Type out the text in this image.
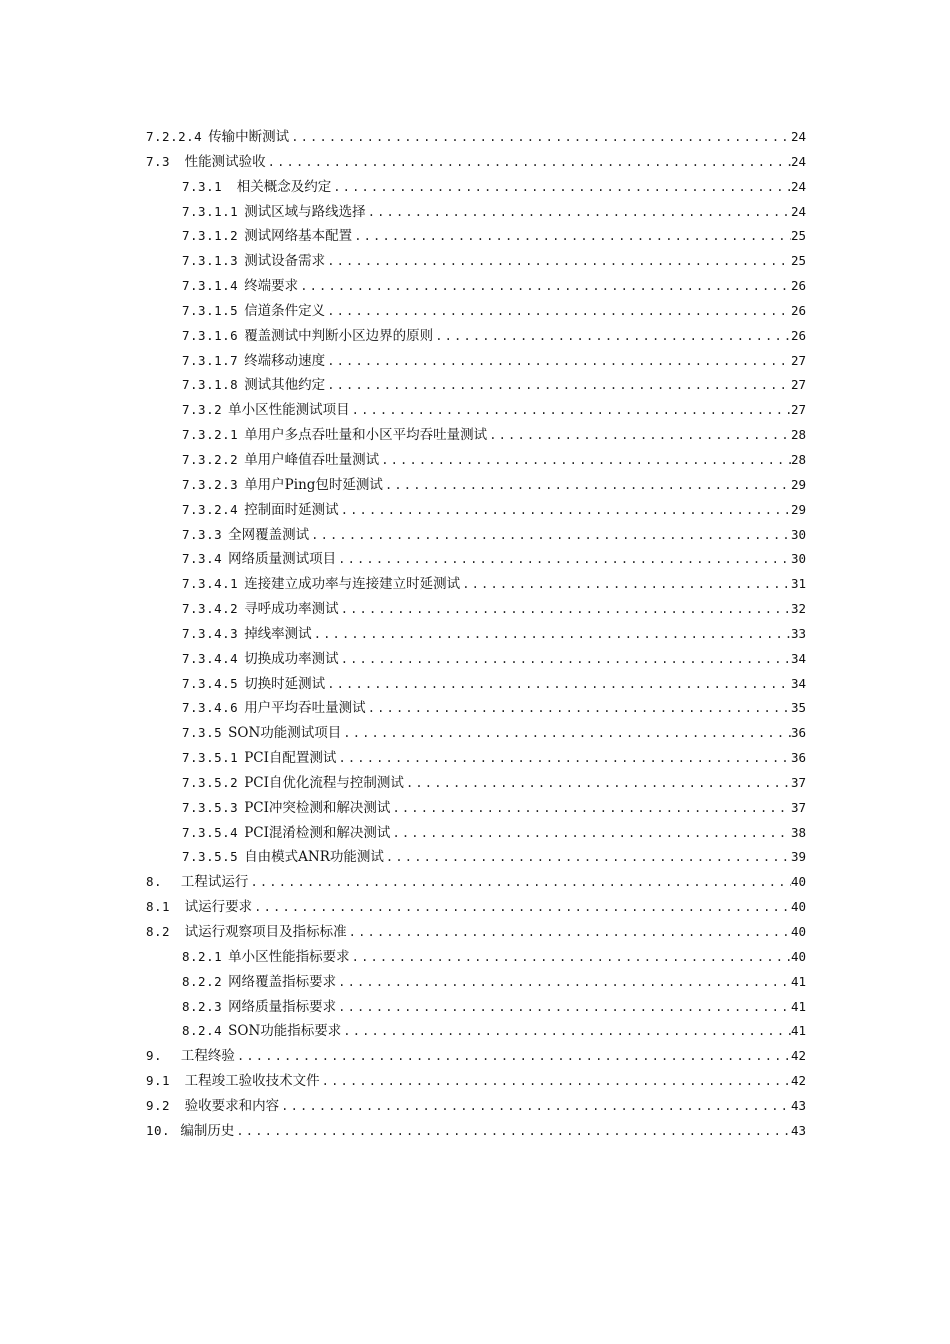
7.2.2.4 传输中断测试 .....	24
7.3 性能测试验收 .....	24
7.3.1 相关概念及约定 .....	24
7.3.1.1 测试区域与路线选择 .....	24
7.3.1.2 测试网络基本配置 .....	25
7.3.1.3 测试设备需求 .....	25
7.3.1.4 终端要求 .....	26
7.3.1.5 信道条件定义 .....	26
7.3.1.6 覆盖测试中判断小区边界的原则 .....	26
7.3.1.7 终端移动速度 .....	27
7.3.1.8 测试其他约定 .....	27
7.3.2 单小区性能测试项目 .....	27
7.3.2.1 单用户多点吞吐量和小区平均吞吐量测试 .....	28
7.3.2.2 单用户峰值吞吐量测试 .....	28
7.3.2.3 单用户Ping包时延测试 .....	29
7.3.2.4 控制面时延测试 .....	29
7.3.3 全网覆盖测试 .....	30
7.3.4 网络质量测试项目 .....	30
7.3.4.1 连接建立成功率与连接建立时延测试 .....	31
7.3.4.2 寻呼成功率测试 .....	32
7.3.4.3 掉线率测试 .....	33
7.3.4.4 切换成功率测试 .....	34
7.3.4.5 切换时延测试 .....	34
7.3.4.6 用户平均吞吐量测试 .....	35
7.3.5 SON功能测试项目 .....	36
7.3.5.1 PCI自配置测试 .....	36
7.3.5.2 PCI自优化流程与控制测试 .....	37
7.3.5.3 PCI冲突检测和解决测试 .....	37
7.3.5.4 PCI混淆检测和解决测试 .....	38
7.3.5.5 自由模式ANR功能测试 .....	39
8. 工程试运行 .....	40
8.1 试运行要求 .....	40
8.2 试运行观察项目及指标标准 .....	40
8.2.1 单小区性能指标要求 .....	40
8.2.2 网络覆盖指标要求 .....	41
8.2.3 网络质量指标要求 .....	41
8.2.4 SON功能指标要求 .....	41
9. 工程终验 .....	42
9.1 工程竣工验收技术文件 .....	42
9.2 验收要求和内容 .....	43
10. 编制历史 .....	43
